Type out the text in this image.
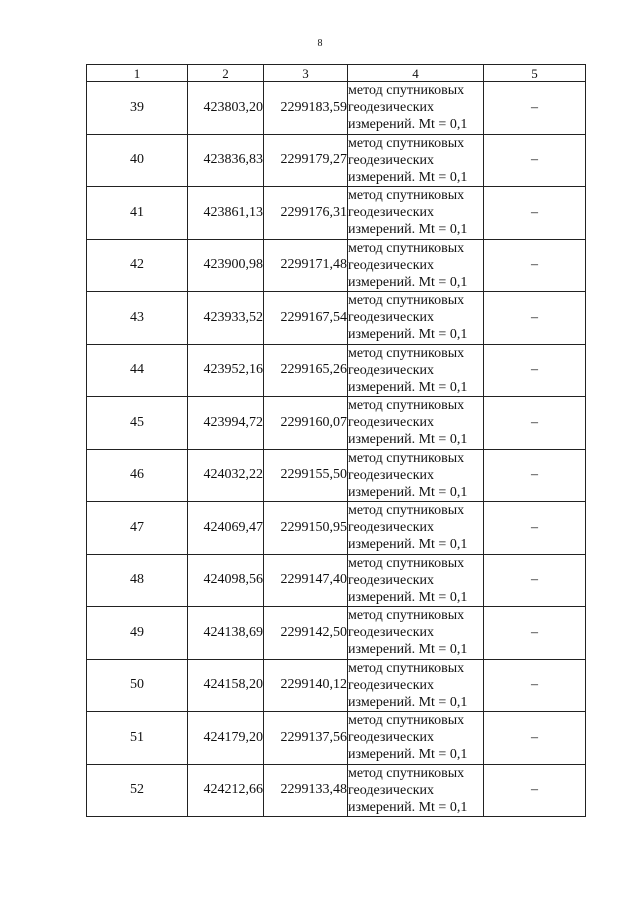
8
1	2	3	4	5
39	423803,20	2299183,59	метод спутниковых
геодезических
измерений. Mt = 0,1	–
40	423836,83	2299179,27	метод спутниковых
геодезических
измерений. Mt = 0,1	–
41	423861,13	2299176,31	метод спутниковых
геодезических
измерений. Mt = 0,1	–
42	423900,98	2299171,48	метод спутниковых
геодезических
измерений. Mt = 0,1	–
43	423933,52	2299167,54	метод спутниковых
геодезических
измерений. Mt = 0,1	–
44	423952,16	2299165,26	метод спутниковых
геодезических
измерений. Mt = 0,1	–
45	423994,72	2299160,07	метод спутниковых
геодезических
измерений. Mt = 0,1	–
46	424032,22	2299155,50	метод спутниковых
геодезических
измерений. Mt = 0,1	–
47	424069,47	2299150,95	метод спутниковых
геодезических
измерений. Mt = 0,1	–
48	424098,56	2299147,40	метод спутниковых
геодезических
измерений. Mt = 0,1	–
49	424138,69	2299142,50	метод спутниковых
геодезических
измерений. Mt = 0,1	–
50	424158,20	2299140,12	метод спутниковых
геодезических
измерений. Mt = 0,1	–
51	424179,20	2299137,56	метод спутниковых
геодезических
измерений. Mt = 0,1	–
52	424212,66	2299133,48	метод спутниковых
геодезических
измерений. Mt = 0,1	–
